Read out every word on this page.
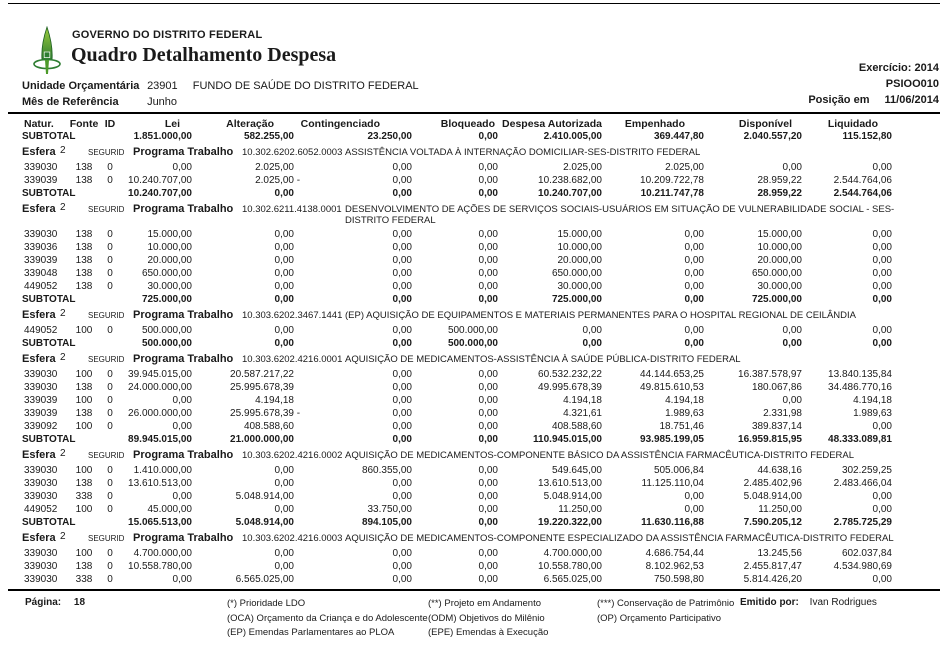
GOVERNO DO DISTRITO FEDERAL
Quadro Detalhamento Despesa
Exercício: 2014
PSIOO010
Posição em 11/06/2014
Unidade Orçamentária 23901 FUNDO DE SAÚDE DO DISTRITO FEDERAL
Mês de Referência	Junho
Natur.	Fonte ID	Lei	Alteração	Contingenciado	Bloqueado Despesa Autorizada	Empenhado	Disponível	Liquidado
SUBTOTAL	1.851.000,00	582.255,00	23.250,00	0,00	2.410.005,00	369.447,80	2.040.557,20	115.152,80
Esfera 2	SEGURID Programa Trabalho 10.302.6202.6052.0003 ASSISTÊNCIA VOLTADA À INTERNAÇÃO DOMICILIAR-SES-DISTRITO FEDERAL
339030	138	0	0,00	2.025,00	0,00	0,00	2.025,00	2.025,00	0,00	0,00
339039	138	0	10.240.707,00	2.025,00 -	0,00	0,00	10.238.682,00	10.209.722,78	28.959,22	2.544.764,06
SUBTOTAL	10.240.707,00	0,00	0,00	0,00	10.240.707,00	10.211.747,78	28.959,22	2.544.764,06
Esfera 2	SEGURID Programa Trabalho 10.302.6211.4138.0001 DESENVOLVIMENTO DE AÇÕES DE SERVIÇOS SOCIAIS-USUÁRIOS EM SITUAÇÃO DE VULNERABILIDADE SOCIAL - SES-DISTRITO FEDERAL
339030	138	0	15.000,00	0,00	0,00	0,00	15.000,00	0,00	15.000,00	0,00
339036	138	0	10.000,00	0,00	0,00	0,00	10.000,00	0,00	10.000,00	0,00
339039	138	0	20.000,00	0,00	0,00	0,00	20.000,00	0,00	20.000,00	0,00
339048	138	0	650.000,00	0,00	0,00	0,00	650.000,00	0,00	650.000,00	0,00
449052	138	0	30.000,00	0,00	0,00	0,00	30.000,00	0,00	30.000,00	0,00
SUBTOTAL	725.000,00	0,00	0,00	0,00	725.000,00	0,00	725.000,00	0,00
Esfera 2	SEGURID Programa Trabalho 10.303.6202.3467.1441 (EP) AQUISIÇÃO DE EQUIPAMENTOS E MATERIAIS PERMANENTES PARA O HOSPITAL REGIONAL DE CEILÂNDIA
449052	100	0	500.000,00	0,00	0,00	500.000,00	0,00	0,00	0,00	0,00
SUBTOTAL	500.000,00	0,00	0,00	500.000,00	0,00	0,00	0,00	0,00
Esfera 2	SEGURID Programa Trabalho 10.303.6202.4216.0001 AQUISIÇÃO DE MEDICAMENTOS-ASSISTÊNCIA À SAÚDE PÚBLICA-DISTRITO FEDERAL
339030	100	0	39.945.015,00	20.587.217,22	0,00	0,00	60.532.232,22	44.144.653,25	16.387.578,97	13.840.135,84
339030	138	0	24.000.000,00	25.995.678,39	0,00	0,00	49.995.678,39	49.815.610,53	180.067,86	34.486.770,16
339039	100	0	0,00	4.194,18	0,00	0,00	4.194,18	4.194,18	0,00	4.194,18
339039	138	0	26.000.000,00	25.995.678,39 -	0,00	0,00	4.321,61	1.989,63	2.331,98	1.989,63
339092	100	0	0,00	408.588,60	0,00	0,00	408.588,60	18.751,46	389.837,14	0,00
SUBTOTAL	89.945.015,00	21.000.000,00	0,00	0,00	110.945.015,00	93.985.199,05	16.959.815,95	48.333.089,81
Esfera 2	SEGURID Programa Trabalho 10.303.6202.4216.0002 AQUISIÇÃO DE MEDICAMENTOS-COMPONENTE BÁSICO DA ASSISTÊNCIA FARMACÊUTICA-DISTRITO FEDERAL
339030	100	0	1.410.000,00	0,00	860.355,00	0,00	549.645,00	505.006,84	44.638,16	302.259,25
339030	138	0	13.610.513,00	0,00	0,00	0,00	13.610.513,00	11.125.110,04	2.485.402,96	2.483.466,04
339030	338	0	0,00	5.048.914,00	0,00	0,00	5.048.914,00	0,00	5.048.914,00	0,00
449052	100	0	45.000,00	0,00	33.750,00	0,00	11.250,00	0,00	11.250,00	0,00
SUBTOTAL	15.065.513,00	5.048.914,00	894.105,00	0,00	19.220.322,00	11.630.116,88	7.590.205,12	2.785.725,29
Esfera 2	SEGURID Programa Trabalho 10.303.6202.4216.0003 AQUISIÇÃO DE MEDICAMENTOS-COMPONENTE ESPECIALIZADO DA ASSISTÊNCIA FARMACÊUTICA-DISTRITO FEDERAL
339030	100	0	4.700.000,00	0,00	0,00	0,00	4.700.000,00	4.686.754,44	13.245,56	602.037,84
339030	138	0	10.558.780,00	0,00	0,00	0,00	10.558.780,00	8.102.962,53	2.455.817,47	4.534.980,69
339030	338	0	0,00	6.565.025,00	0,00	0,00	6.565.025,00	750.598,80	5.814.426,20	0,00
Página: 18	(*) Prioridade LDO
(OCA) Orçamento da Criança e do Adolescente
(EP) Emendas Parlamentares ao PLOA
(**) Projeto em Andamento
(ODM) Objetivos do Milênio
(EPE) Emendas à Execução
(***) Conservação de Patrimônio
(OP) Orçamento Participativo
Emitido por: Ivan Rodrigues
